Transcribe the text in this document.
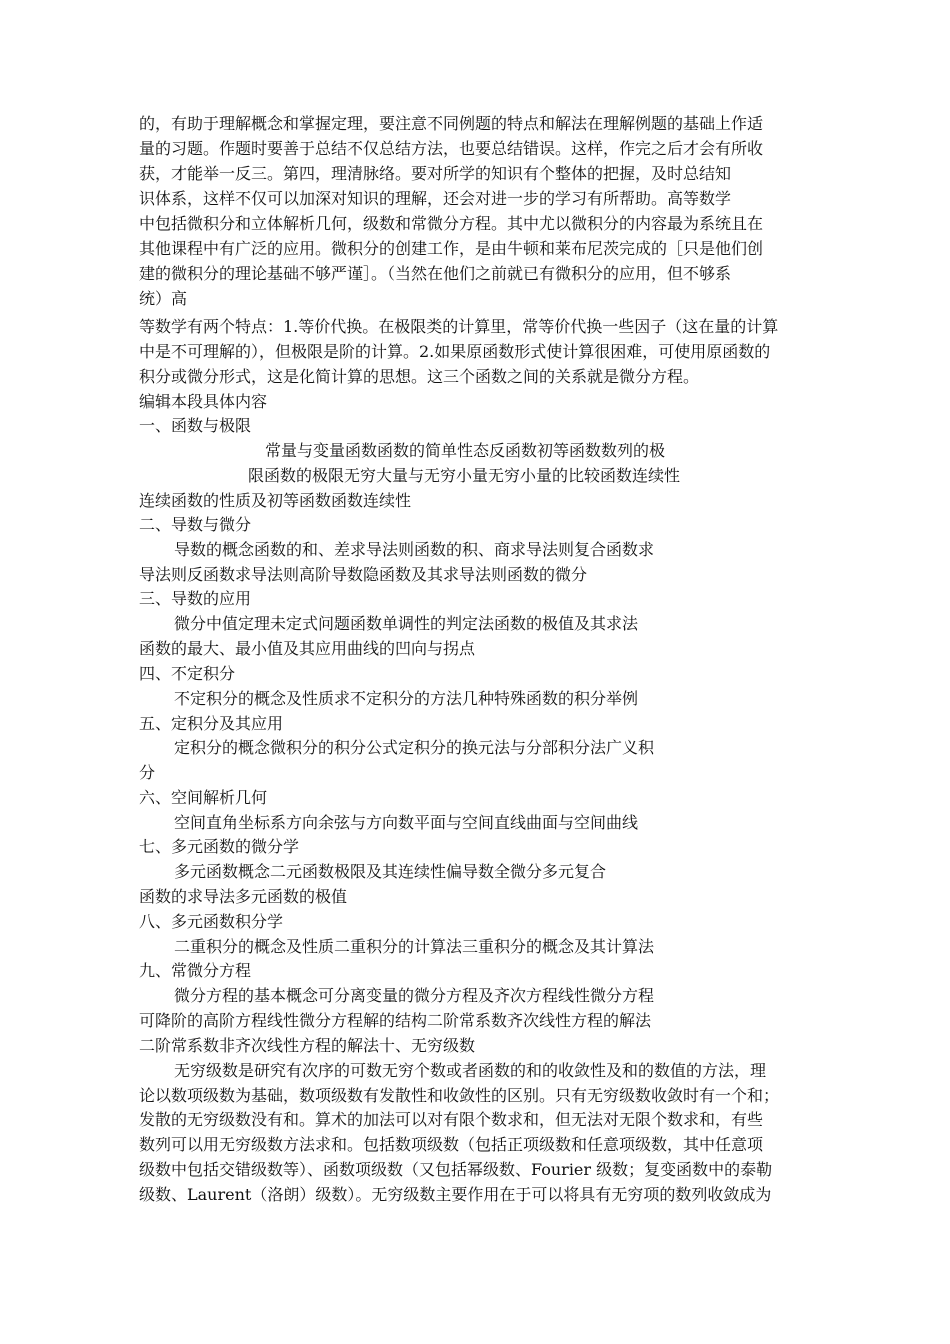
的，有助于理解概念和掌握定理，要注意不同例题的特点和解法在理解例题的基础上作适
量的习题。作题时要善于总结不仅总结方法，也要总结错误。这样，作完之后才会有所收
获，才能举一反三。第四，理清脉络。要对所学的知识有个整体的把握，及时总结知
识体系，这样不仅可以加深对知识的理解，还会对进一步的学习有所帮助。高等数学
中包括微积分和立体解析几何，级数和常微分方程。其中尤以微积分的内容最为系统且在
其他课程中有广泛的应用。微积分的创建工作，是由牛顿和莱布尼茨完成的［只是他们创
建的微积分的理论基础不够严谨］。（当然在他们之前就已有微积分的应用，但不够系
统）高
等数学有两个特点：1.等价代换。在极限类的计算里，常等价代换一些因子（这在量的计算
中是不可理解的），但极限是阶的计算。2.如果原函数形式使计算很困难，可使用原函数的
积分或微分形式，这是化简计算的思想。这三个函数之间的关系就是微分方程。
编辑本段具体内容
一、函数与极限
常量与变量函数函数的简单性态反函数初等函数数列的极
限函数的极限无穷大量与无穷小量无穷小量的比较函数连续性
连续函数的性质及初等函数函数连续性
二、导数与微分
导数的概念函数的和、差求导法则函数的积、商求导法则复合函数求
导法则反函数求导法则高阶导数隐函数及其求导法则函数的微分
三、导数的应用
微分中值定理未定式问题函数单调性的判定法函数的极值及其求法
函数的最大、最小值及其应用曲线的凹向与拐点
四、不定积分
不定积分的概念及性质求不定积分的方法几种特殊函数的积分举例
五、定积分及其应用
定积分的概念微积分的积分公式定积分的换元法与分部积分法广义积
分
六、空间解析几何
空间直角坐标系方向余弦与方向数平面与空间直线曲面与空间曲线
七、多元函数的微分学
多元函数概念二元函数极限及其连续性偏导数全微分多元复合
函数的求导法多元函数的极值
八、多元函数积分学
二重积分的概念及性质二重积分的计算法三重积分的概念及其计算法
九、常微分方程
微分方程的基本概念可分离变量的微分方程及齐次方程线性微分方程
可降阶的高阶方程线性微分方程解的结构二阶常系数齐次线性方程的解法
二阶常系数非齐次线性方程的解法十、无穷级数
无穷级数是研究有次序的可数无穷个数或者函数的和的收敛性及和的数值的方法，理
论以数项级数为基础，数项级数有发散性和收敛性的区别。只有无穷级数收敛时有一个和；
发散的无穷级数没有和。算术的加法可以对有限个数求和，但无法对无限个数求和，有些
数列可以用无穷级数方法求和。包括数项级数（包括正项级数和任意项级数，其中任意项
级数中包括交错级数等）、函数项级数（又包括幂级数、Fourier 级数；复变函数中的泰勒
级数、Laurent（洛朗）级数）。无穷级数主要作用在于可以将具有无穷项的数列收敛成为
